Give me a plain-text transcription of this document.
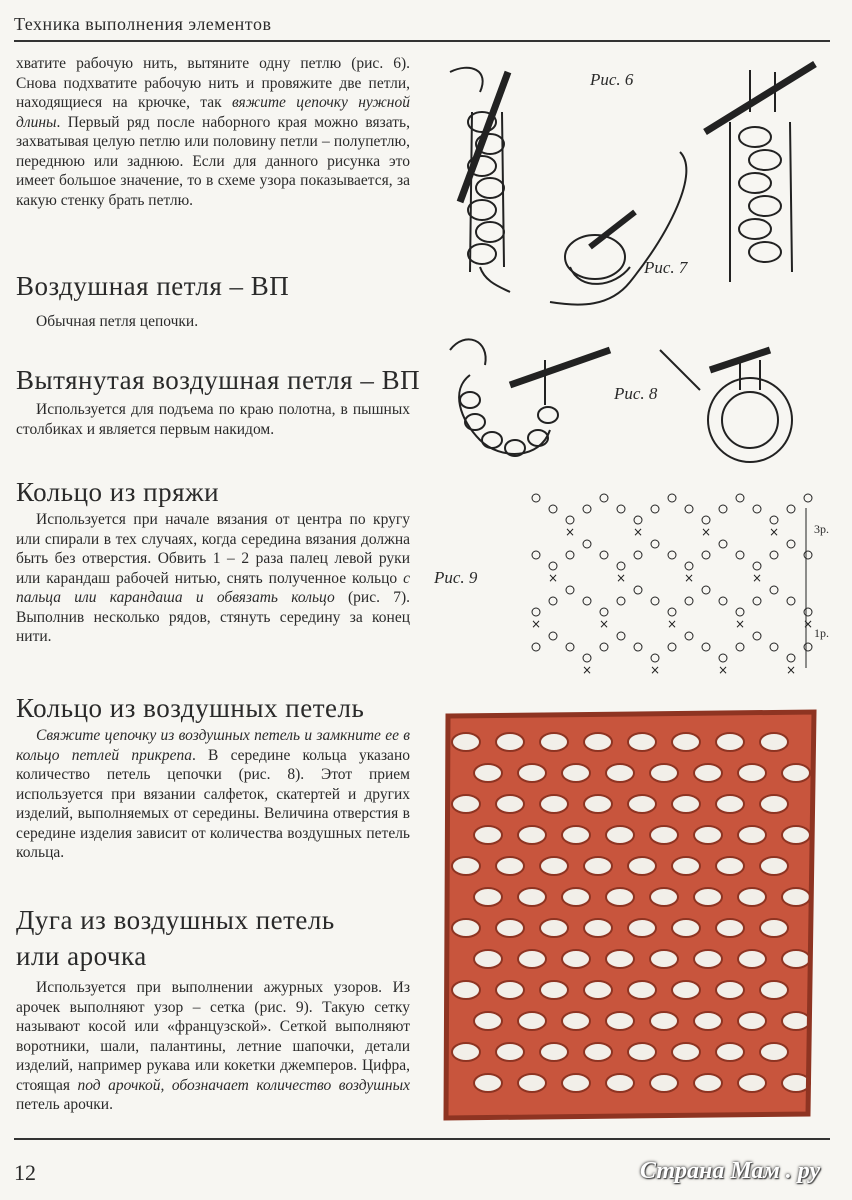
Техника выполнения элементов

хватите рабочую нить, вытяните одну петлю (рис. 6). Снова подхватите рабочую нить и провяжите две петли, находящиеся на крючке, так вяжите цепочку нужной длины. Первый ряд после наборного края можно вязать, захватывая целую петлю или половину петли – полупетлю, переднюю или заднюю. Если для данного рисунка это имеет большое значение, то в схеме узора показывается, за какую стенку брать петлю.

Воздушная петля – ВП

Обычная петля цепочки.

Вытянутая воздушная петля – ВП

Используется для подъема по краю полотна, в пышных столбиках и является первым накидом.

Кольцо из пряжи

Используется при начале вязания от центра по кругу или спирали в тех случаях, когда середина вязания должна быть без отверстия. Обвить 1 – 2 раза палец левой руки или карандаш рабочей нитью, снять полученное кольцо с пальца или карандаша и обвязать кольцо (рис. 7). Выполнив несколько рядов, стянуть середину за конец нити.

Кольцо из воздушных петель

Свяжите цепочку из воздушных петель и замкните ее в кольцо петлей прикрепа. В середине кольца указано количество петель цепочки (рис. 8). Этот прием используется при вязании салфеток, скатертей и других изделий, выполняемых от середины. Величина отверстия в середине изделия зависит от количества воздушных петель кольца.

Дуга из воздушных петель
или арочка

Используется при выполнении ажурных узоров. Из арочек выполняют узор – сетка (рис. 9). Такую сетку называют косой или «французской». Сеткой выполняют воротники, шали, палантины, летние шапочки, детали изделий, например рукава или кокетки джемперов. Цифра, стоящая под арочкой, обозначает количество воздушных петель арочки.

Рис. 6
Рис. 7
Рис. 8
×	×	×	×
×	×	×	×
×	×	×	×	×
×	×	×	×
Рис. 9
3р.
1р.
12	Страна Мам . ру
